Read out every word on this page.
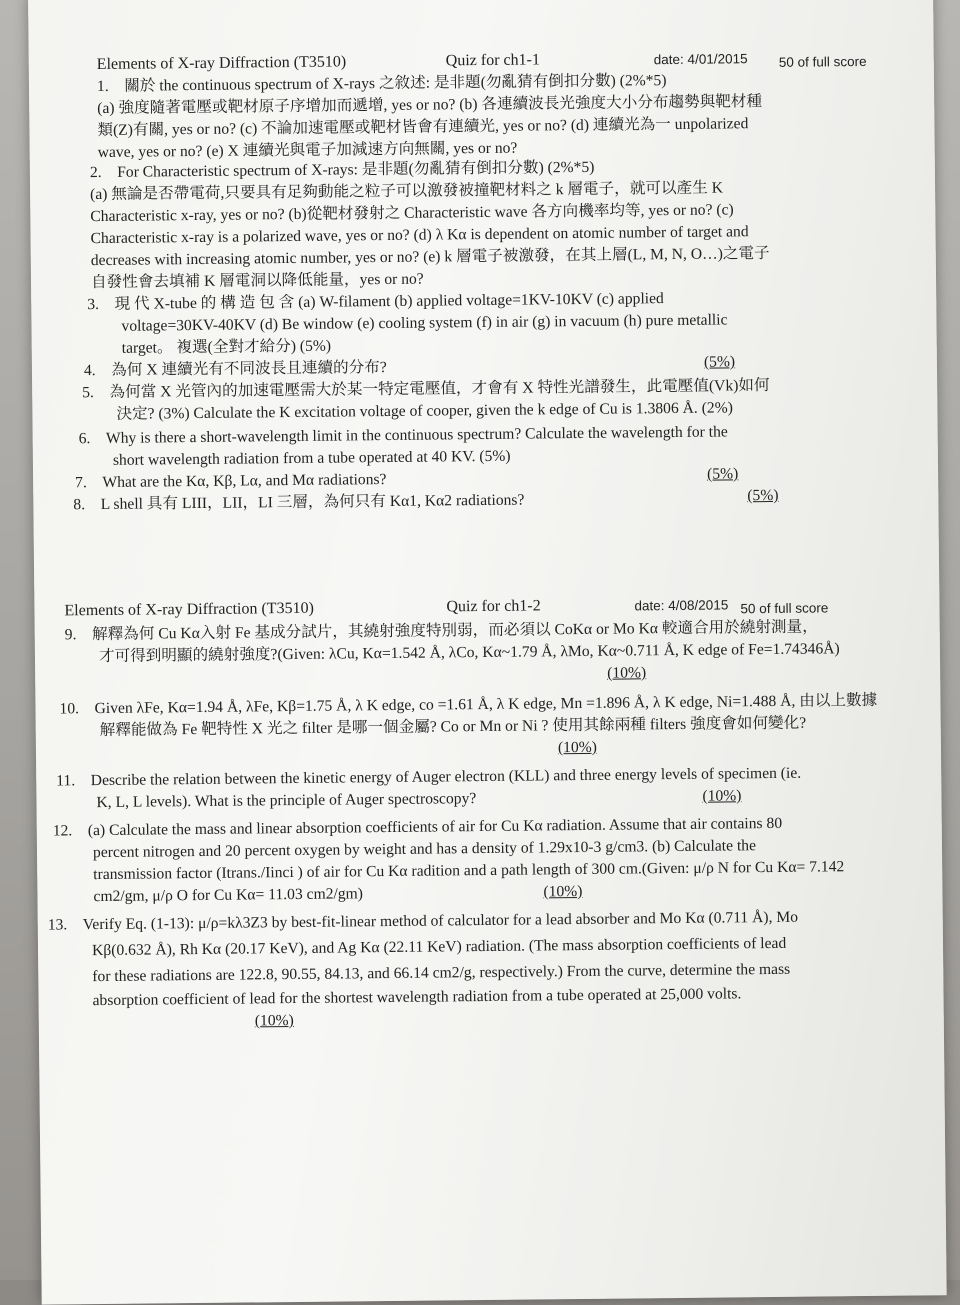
Elements of X-ray Diffraction (T3510)	Quiz for ch1-1	date: 4/01/2015 50 of full score
1.　關於 the continuous spectrum of X-rays 之敘述: 是非題(勿亂猜有倒扣分數) (2%*5)
(a) 強度隨著電壓或靶材原子序增加而遞增, yes or no? (b) 各連續波長光強度大小分布趨勢與靶材種
類(Z)有關, yes or no? (c) 不論加速電壓或靶材皆會有連續光, yes or no? (d) 連續光為一 unpolarized
wave, yes or no? (e) X 連續光與電子加減速方向無關, yes or no?
2.　For Characteristic spectrum of X-rays: 是非題(勿亂猜有倒扣分數) (2%*5)
(a) 無論是否帶電荷,只要具有足夠動能之粒子可以激發被撞靶材料之 k 層電子，就可以產生 K
Characteristic x-ray, yes or no? (b)從靶材發射之 Characteristic wave 各方向機率均等, yes or no? (c)
Characteristic x-ray is a polarized wave, yes or no? (d) λ Kα is dependent on atomic number of target and
decreases with increasing atomic number, yes or no? (e) k 層電子被激發，在其上層(L, M, N, O…)之電子
自發性會去填補 K 層電洞以降低能量，yes or no?
3.　現 代 X-tube 的 構 造 包 含 (a) W-filament (b) applied voltage=1KV-10KV (c) applied
voltage=30KV-40KV (d) Be window (e) cooling system (f) in air (g) in vacuum (h) pure metallic
target。 複選(全對才給分) (5%)
4.　為何 X 連續光有不同波長且連續的分布?	(5%)
5.　為何當 X 光管內的加速電壓需大於某一特定電壓值，才會有 X 特性光譜發生，此電壓值(Vk)如何
決定? (3%) Calculate the K excitation voltage of cooper, given the k edge of Cu is 1.3806 Å. (2%)
6.　Why is there a short-wavelength limit in the continuous spectrum? Calculate the wavelength for the
short wavelength radiation from a tube operated at 40 KV. (5%)
7.　What are the Kα, Kβ, Lα, and Mα radiations?	(5%)
8.　L shell 具有 LIII，LII，LI 三層，為何只有 Kα1, Kα2 radiations?	(5%)
Elements of X-ray Diffraction (T3510)	Quiz for ch1-2	date: 4/08/2015 50 of full score
9.　解釋為何 Cu Kα入射 Fe 基成分試片，其繞射強度特別弱，而必須以 CoKα or Mo Kα 較適合用於繞射測量，
才可得到明顯的繞射強度?(Given: λCu, Kα=1.542 Å, λCo, Kα~1.79 Å, λMo, Kα~0.711 Å, K edge of Fe=1.74346Å)
(10%)
10.　Given λFe, Kα=1.94 Å, λFe, Kβ=1.75 Å, λ K edge, co =1.61 Å, λ K edge, Mn =1.896 Å, λ K edge, Ni=1.488 Å, 由以上數據
解釋能做為 Fe 靶特性 X 光之 filter 是哪一個金屬? Co or Mn or Ni ? 使用其餘兩種 filters 強度會如何變化?
(10%)
11.　Describe the relation between the kinetic energy of Auger electron (KLL) and three energy levels of specimen (ie.
K, L, L levels). What is the principle of Auger spectroscopy?	(10%)
12.　(a) Calculate the mass and linear absorption coefficients of air for Cu Kα radiation. Assume that air contains 80
percent nitrogen and 20 percent oxygen by weight and has a density of 1.29x10-3 g/cm3. (b) Calculate the
transmission factor (Itrans./Iinci ) of air for Cu Kα radition and a path length of 300 cm.(Given: μ/ρ N for Cu Kα= 7.142
cm2/gm, μ/ρ O for Cu Kα= 11.03 cm2/gm)	(10%)
13.　Verify Eq. (1-13): μ/ρ=kλ3Z3 by best-fit-linear method of calculator for a lead absorber and Mo Kα (0.711 Å), Mo
Kβ(0.632 Å), Rh Kα (20.17 KeV), and Ag Kα (22.11 KeV) radiation. (The mass absorption coefficients of lead
for these radiations are 122.8, 90.55, 84.13, and 66.14 cm2/g, respectively.) From the curve, determine the mass
absorption coefficient of lead for the shortest wavelength radiation from a tube operated at 25,000 volts.
(10%)
